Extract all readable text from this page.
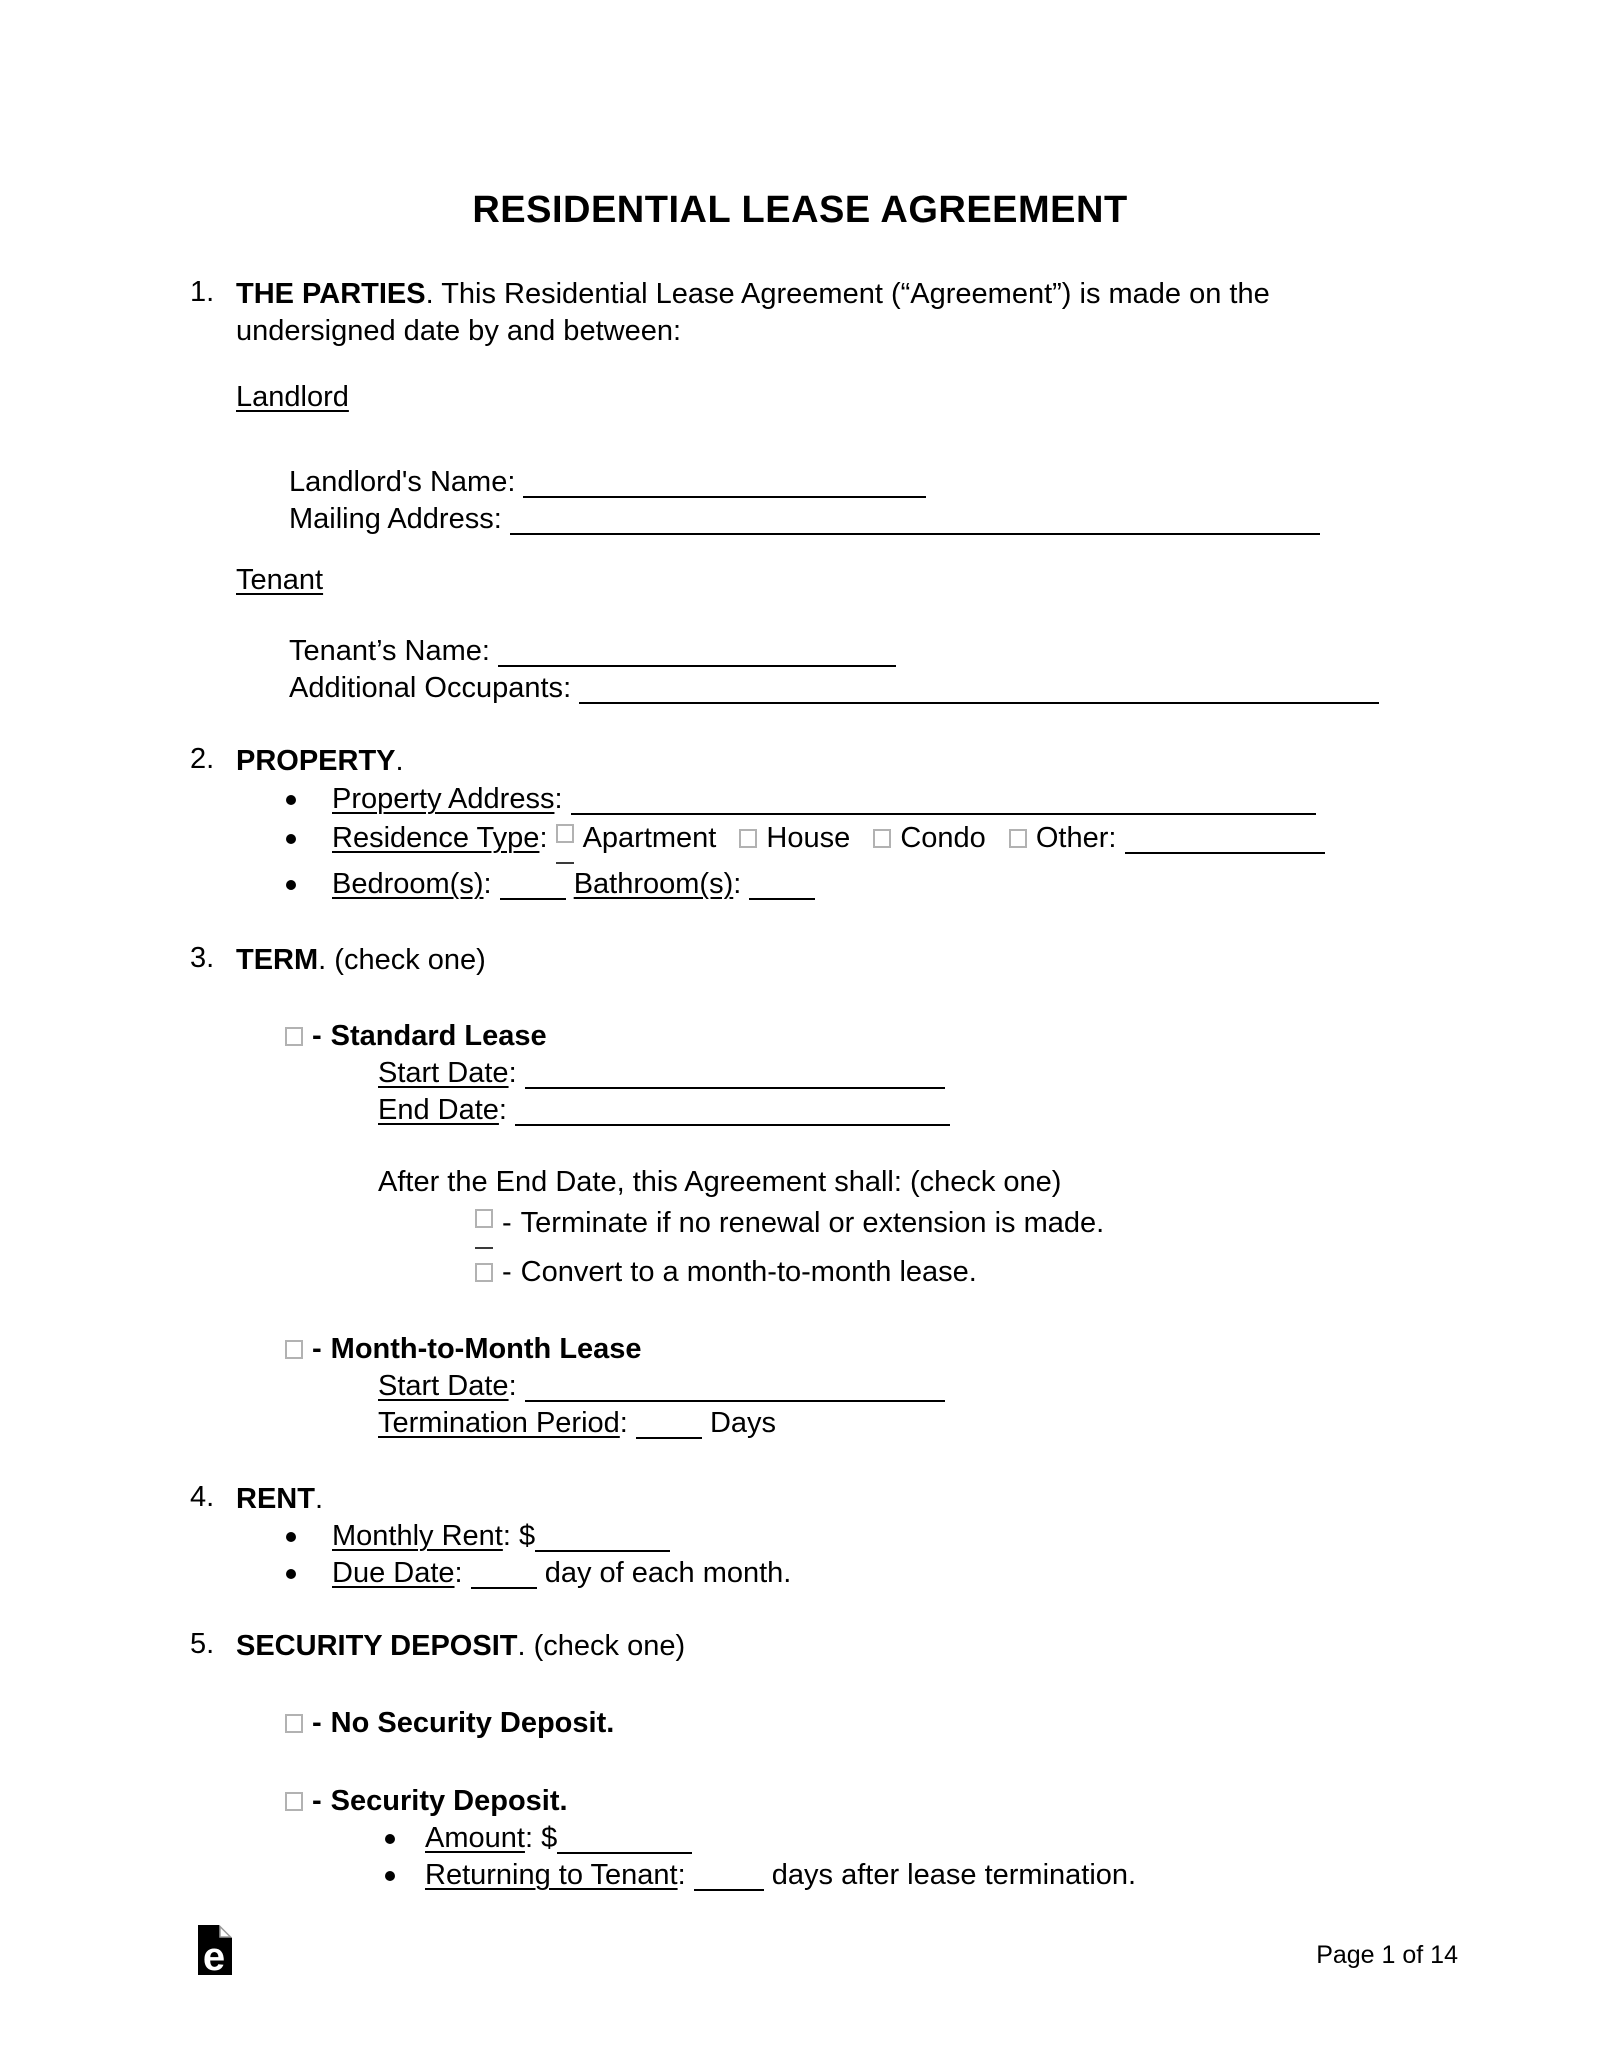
RESIDENTIAL LEASE AGREEMENT
1. THE PARTIES. This Residential Lease Agreement (“Agreement”) is made on the
undersigned date by and between:
Landlord
Landlord's Name:
Mailing Address:
Tenant
Tenant’s Name:
Additional Occupants:
2. PROPERTY.
Property Address:
Residence Type: Apartment House Condo Other:
Bedroom(s):	Bathroom(s):
3. TERM. (check one)
- Standard Lease
Start Date:
End Date:
After the End Date, this Agreement shall: (check one)
- Terminate if no renewal or extension is made.
- Convert to a month-to-month lease.
- Month-to-Month Lease
Start Date:
Termination Period:	Days
4. RENT.
Monthly Rent: $
Due Date:	day of each month.
5. SECURITY DEPOSIT. (check one)
- No Security Deposit.
- Security Deposit.
Amount: $
Returning to Tenant:	days after lease termination.
e	Page 1 of 14
